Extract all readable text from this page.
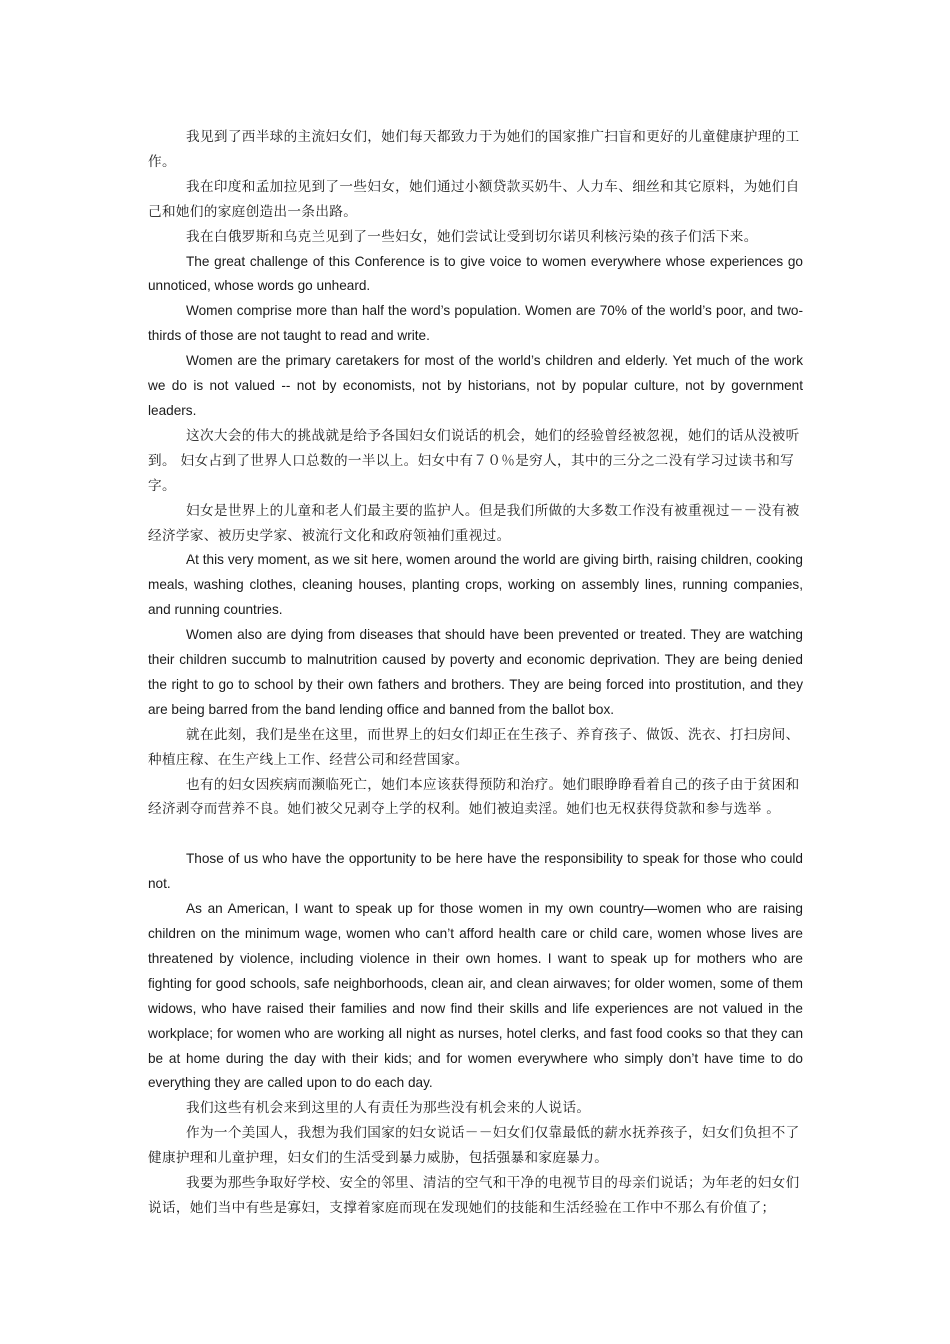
我见到了西半球的主流妇女们，她们每天都致力于为她们的国家推广扫盲和更好的儿童健康护理的工作。

我在印度和孟加拉见到了一些妇女，她们通过小额贷款买奶牛、人力车、细丝和其它原料，为她们自己和她们的家庭创造出一条出路。

我在白俄罗斯和乌克兰见到了一些妇女，她们尝试让受到切尔诺贝利核污染的孩子们活下来。

The great challenge of this Conference is to give voice to women everywhere whose experiences go unnoticed, whose words go unheard.

Women comprise more than half the word’s population. Women are 70% of the world’s poor, and two-thirds of those are not taught to read and write.

Women are the primary caretakers for most of the world’s children and elderly. Yet much of the work we do is not valued -- not by economists, not by historians, not by popular culture, not by government leaders.

这次大会的伟大的挑战就是给予各国妇女们说话的机会，她们的经验曾经被忽视，她们的话从没被听到。 妇女占到了世界人口总数的一半以上。妇女中有７０％是穷人，其中的三分之二没有学习过读书和写字。

妇女是世界上的儿童和老人们最主要的监护人。但是我们所做的大多数工作没有被重视过－－没有被经济学家、被历史学家、被流行文化和政府领袖们重视过。

At this very moment, as we sit here, women around the world are giving birth, raising children, cooking meals, washing clothes, cleaning houses, planting crops, working on assembly lines, running companies, and running countries.

Women also are dying from diseases that should have been prevented or treated. They are watching their children succumb to malnutrition caused by poverty and economic deprivation. They are being denied the right to go to school by their own fathers and brothers. They are being forced into prostitution, and they are being barred from the band lending office and banned from the ballot box.

就在此刻，我们是坐在这里，而世界上的妇女们却正在生孩子、养育孩子、做饭、洗衣、打扫房间、种植庄稼、在生产线上工作、经营公司和经营国家。

也有的妇女因疾病而濒临死亡，她们本应该获得预防和治疗。她们眼睁睁看着自己的孩子由于贫困和经济剥夺而营养不良。她们被父兄剥夺上学的权利。她们被迫卖淫。她们也无权获得贷款和参与选举 。

Those of us who have the opportunity to be here have the responsibility to speak for those who could not.

As an American, I want to speak up for those women in my own country—women who are raising children on the minimum wage, women who can’t afford health care or child care, women whose lives are threatened by violence, including violence in their own homes. I want to speak up for mothers who are fighting for good schools, safe neighborhoods, clean air, and clean airwaves; for older women, some of them widows, who have raised their families and now find their skills and life experiences are not valued in the workplace; for women who are working all night as nurses, hotel clerks, and fast food cooks so that they can be at home during the day with their kids; and for women everywhere who simply don’t have time to do everything they are called upon to do each day.

我们这些有机会来到这里的人有责任为那些没有机会来的人说话。

作为一个美国人，我想为我们国家的妇女说话－－妇女们仅靠最低的薪水抚养孩子，妇女们负担不了健康护理和儿童护理，妇女们的生活受到暴力威胁，包括强暴和家庭暴力。

我要为那些争取好学校、安全的邻里、清洁的空气和干净的电视节目的母亲们说话；为年老的妇女们说话，她们当中有些是寡妇，支撑着家庭而现在发现她们的技能和生活经验在工作中不那么有价值了；
